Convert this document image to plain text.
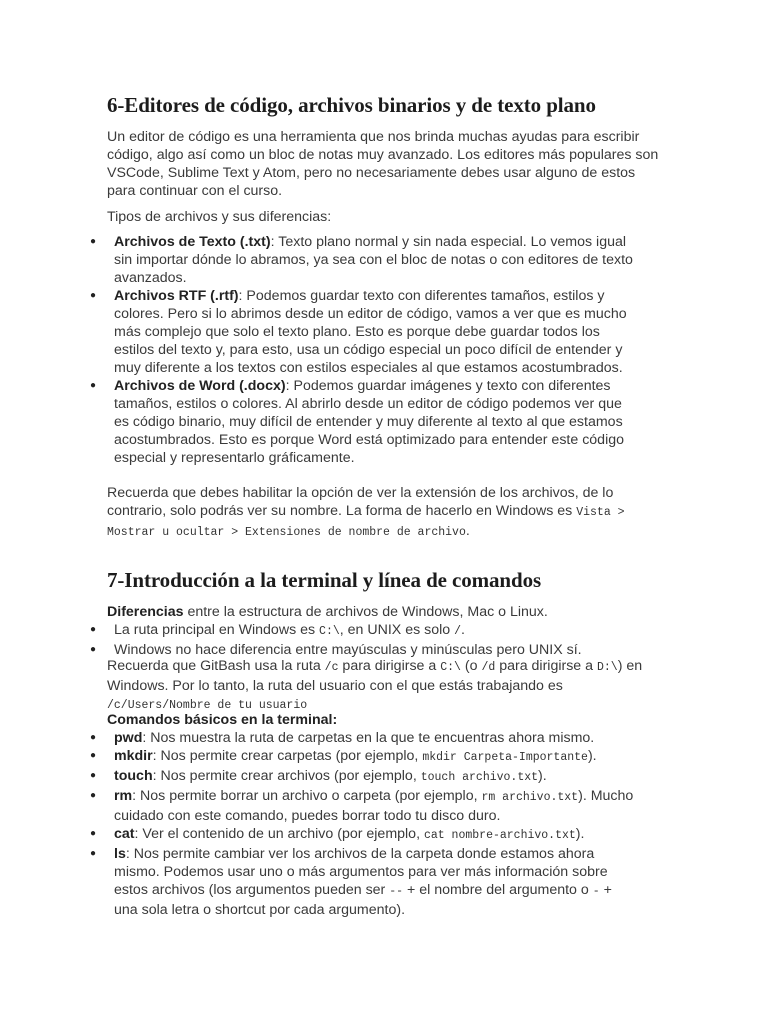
6-Editores de código, archivos binarios y de texto plano

Un editor de código es una herramienta que nos brinda muchas ayudas para escribir código, algo así como un bloc de notas muy avanzado. Los editores más populares son VSCode, Sublime Text y Atom, pero no necesariamente debes usar alguno de estos para continuar con el curso.

Tipos de archivos y sus diferencias:

● Archivos de Texto (.txt): Texto plano normal y sin nada especial. Lo vemos igual sin importar dónde lo abramos, ya sea con el bloc de notas o con editores de texto avanzados.
● Archivos RTF (.rtf): Podemos guardar texto con diferentes tamaños, estilos y colores. Pero si lo abrimos desde un editor de código, vamos a ver que es mucho más complejo que solo el texto plano. Esto es porque debe guardar todos los estilos del texto y, para esto, usa un código especial un poco difícil de entender y muy diferente a los textos con estilos especiales al que estamos acostumbrados.
● Archivos de Word (.docx): Podemos guardar imágenes y texto con diferentes tamaños, estilos o colores. Al abrirlo desde un editor de código podemos ver que es código binario, muy difícil de entender y muy diferente al texto al que estamos acostumbrados. Esto es porque Word está optimizado para entender este código especial y representarlo gráficamente.

Recuerda que debes habilitar la opción de ver la extensión de los archivos, de lo contrario, solo podrás ver su nombre. La forma de hacerlo en Windows es Vista > Mostrar u ocultar > Extensiones de nombre de archivo.

7-Introducción a la terminal y línea de comandos

Diferencias entre la estructura de archivos de Windows, Mac o Linux.

● La ruta principal en Windows es C:\, en UNIX es solo /.
● Windows no hace diferencia entre mayúsculas y minúsculas pero UNIX sí.

Recuerda que GitBash usa la ruta /c para dirigirse a C:\ (o /d para dirigirse a D:\) en Windows. Por lo tanto, la ruta del usuario con el que estás trabajando es /c/Users/Nombre de tu usuario

Comandos básicos en la terminal:

● pwd: Nos muestra la ruta de carpetas en la que te encuentras ahora mismo.
● mkdir: Nos permite crear carpetas (por ejemplo, mkdir Carpeta-Importante).
● touch: Nos permite crear archivos (por ejemplo, touch archivo.txt).
● rm: Nos permite borrar un archivo o carpeta (por ejemplo, rm archivo.txt). Mucho cuidado con este comando, puedes borrar todo tu disco duro.
● cat: Ver el contenido de un archivo (por ejemplo, cat nombre-archivo.txt).
● ls: Nos permite cambiar ver los archivos de la carpeta donde estamos ahora mismo. Podemos usar uno o más argumentos para ver más información sobre estos archivos (los argumentos pueden ser -- + el nombre del argumento o - + una sola letra o shortcut por cada argumento).
